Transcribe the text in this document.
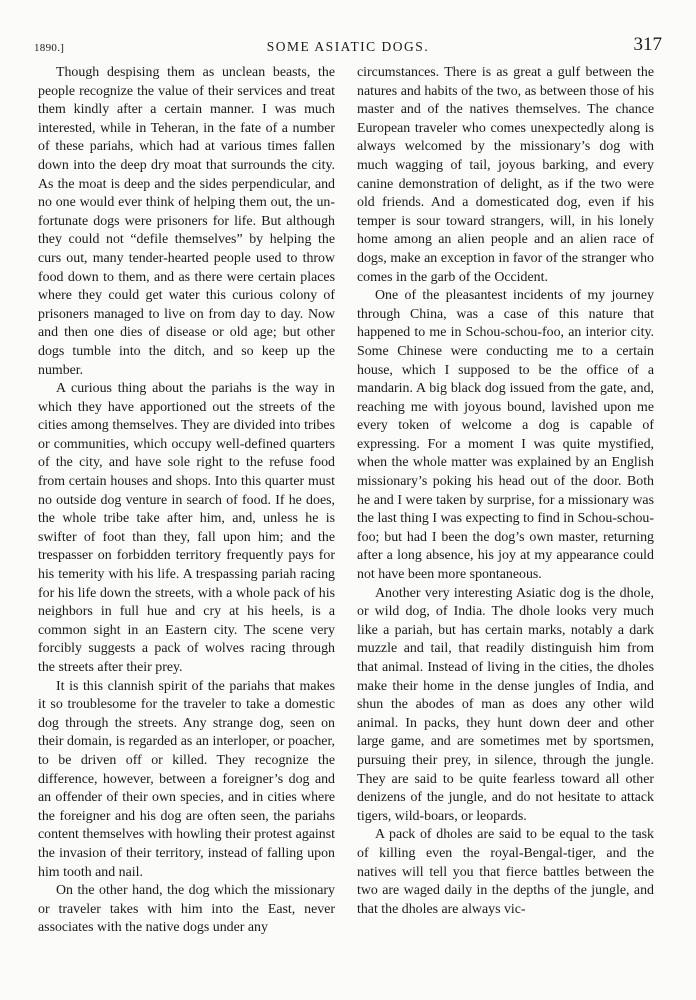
1890.]	SOME ASIATIC DOGS.	317

Though despising them as unclean beasts, the people recognize the value of their services and treat them kindly after a certain manner. I was much interested, while in Teheran, in the fate of a number of these pariahs, which had at various times fallen down into the deep dry moat that surrounds the city. As the moat is deep and the sides perpendicular, and no one would ever think of helping them out, the unfortunate dogs were prisoners for life. But although they could not “defile themselves” by helping the curs out, many tender-hearted people used to throw food down to them, and as there were certain places where they could get water this curious colony of prisoners managed to live on from day to day. Now and then one dies of disease or old age; but other dogs tumble into the ditch, and so keep up the number.

A curious thing about the pariahs is the way in which they have apportioned out the streets of the cities among themselves. They are divided into tribes or communities, which occupy well-defined quarters of the city, and have sole right to the refuse food from certain houses and shops. Into this quarter must no outside dog venture in search of food. If he does, the whole tribe take after him, and, unless he is swifter of foot than they, fall upon him; and the trespasser on forbidden territory frequently pays for his temerity with his life. A trespassing pariah racing for his life down the streets, with a whole pack of his neighbors in full hue and cry at his heels, is a common sight in an Eastern city. The scene very forcibly suggests a pack of wolves racing through the streets after their prey.

It is this clannish spirit of the pariahs that makes it so troublesome for the traveler to take a domestic dog through the streets. Any strange dog, seen on their domain, is regarded as an interloper, or poacher, to be driven off or killed. They recognize the difference, however, between a foreigner’s dog and an offender of their own species, and in cities where the foreigner and his dog are often seen, the pariahs content themselves with howling their protest against the invasion of their territory, instead of falling upon him tooth and nail.

On the other hand, the dog which the missionary or traveler takes with him into the East, never associates with the native dogs under any

circumstances. There is as great a gulf between the natures and habits of the two, as between those of his master and of the natives themselves. The chance European traveler who comes unexpectedly along is always welcomed by the missionary’s dog with much wagging of tail, joyous barking, and every canine demonstration of delight, as if the two were old friends. And a domesticated dog, even if his temper is sour toward strangers, will, in his lonely home among an alien people and an alien race of dogs, make an exception in favor of the stranger who comes in the garb of the Occident.

One of the pleasantest incidents of my journey through China, was a case of this nature that happened to me in Schou-schou-foo, an interior city. Some Chinese were conducting me to a certain house, which I supposed to be the office of a mandarin. A big black dog issued from the gate, and, reaching me with joyous bound, lavished upon me every token of welcome a dog is capable of expressing. For a moment I was quite mystified, when the whole matter was explained by an English missionary’s poking his head out of the door. Both he and I were taken by surprise, for a missionary was the last thing I was expecting to find in Schou-schou-foo; but had I been the dog’s own master, returning after a long absence, his joy at my appearance could not have been more spontaneous.

Another very interesting Asiatic dog is the dhole, or wild dog, of India. The dhole looks very much like a pariah, but has certain marks, notably a dark muzzle and tail, that readily distinguish him from that animal. Instead of living in the cities, the dholes make their home in the dense jungles of India, and shun the abodes of man as does any other wild animal. In packs, they hunt down deer and other large game, and are sometimes met by sportsmen, pursuing their prey, in silence, through the jungle. They are said to be quite fearless toward all other denizens of the jungle, and do not hesitate to attack tigers, wild-boars, or leopards.

A pack of dholes are said to be equal to the task of killing even the royal-Bengal-tiger, and the natives will tell you that fierce battles between the two are waged daily in the depths of the jungle, and that the dholes are always vic-
